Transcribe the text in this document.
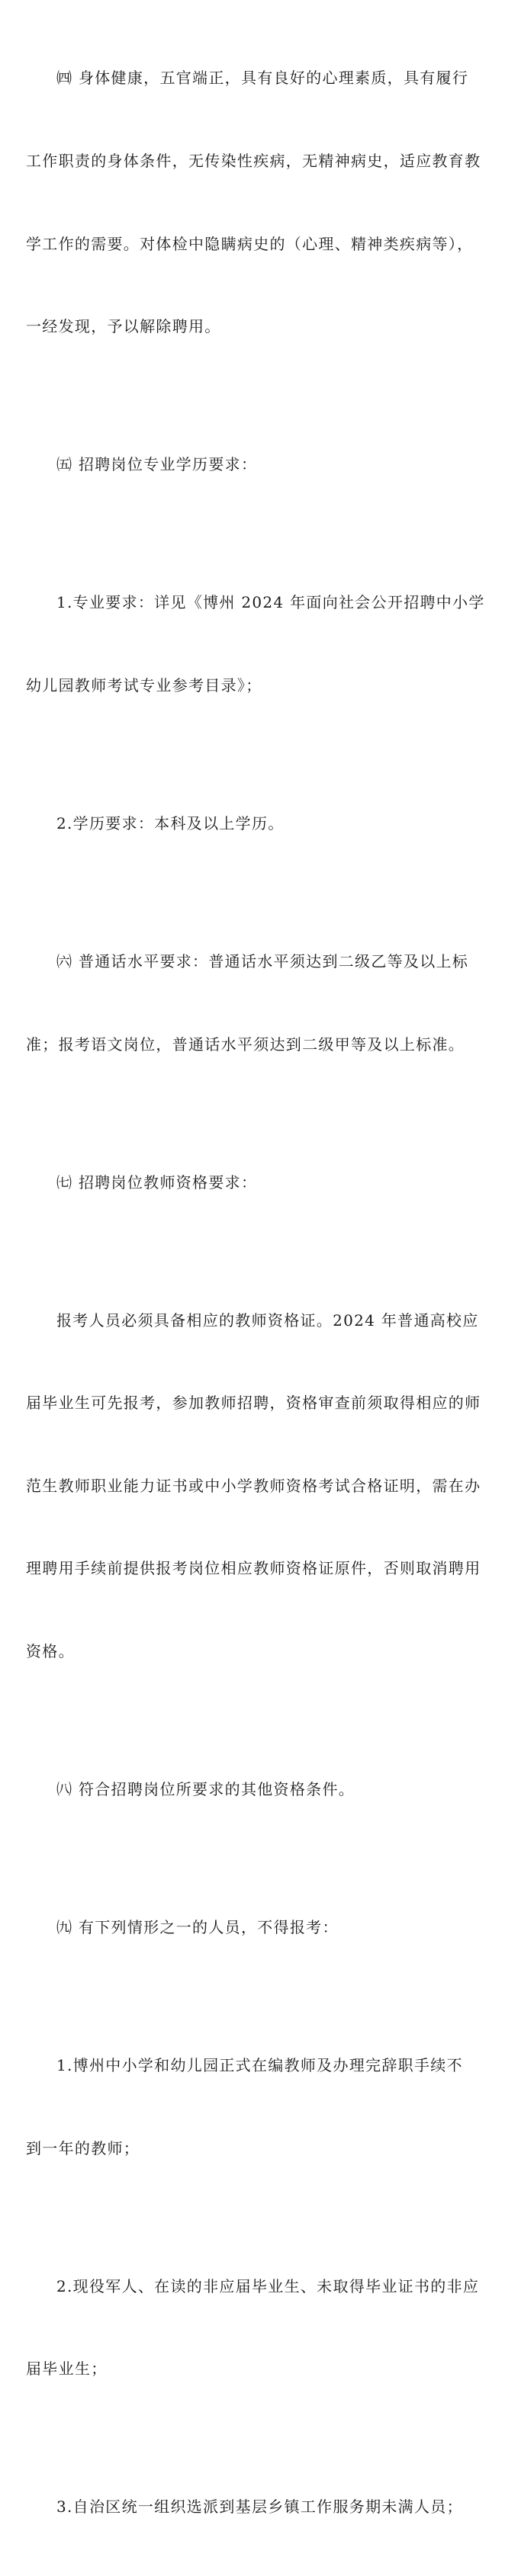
㈣ 身体健康，五官端正，具有良好的心理素质，具有履行

工作职责的身体条件，无传染性疾病，无精神病史，适应教育教

学工作的需要。对体检中隐瞒病史的（心理、精神类疾病等），

一经发现，予以解除聘用。

㈤ 招聘岗位专业学历要求：

1.专业要求：详见《博州 2024 年面向社会公开招聘中小学

幼儿园教师考试专业参考目录》；

2.学历要求：本科及以上学历。

㈥ 普通话水平要求：普通话水平须达到二级乙等及以上标

准；报考语文岗位，普通话水平须达到二级甲等及以上标准。

㈦ 招聘岗位教师资格要求：

报考人员必须具备相应的教师资格证。2024 年普通高校应

届毕业生可先报考，参加教师招聘，资格审查前须取得相应的师

范生教师职业能力证书或中小学教师资格考试合格证明，需在办

理聘用手续前提供报考岗位相应教师资格证原件，否则取消聘用

资格。

㈧ 符合招聘岗位所要求的其他资格条件。

㈨ 有下列情形之一的人员，不得报考：

1.博州中小学和幼儿园正式在编教师及办理完辞职手续不

到一年的教师；

2.现役军人、在读的非应届毕业生、未取得毕业证书的非应

届毕业生；

3.自治区统一组织选派到基层乡镇工作服务期未满人员；
